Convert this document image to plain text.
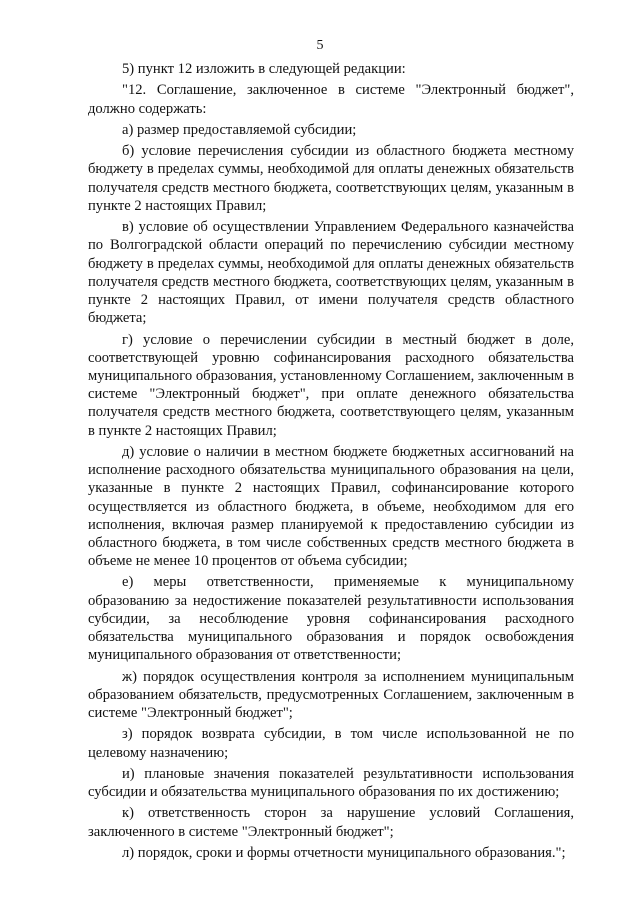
5

5) пункт 12 изложить в следующей редакции:

"12. Соглашение, заключенное в системе "Электронный бюджет", должно содержать:

а) размер предоставляемой субсидии;

б) условие перечисления субсидии из областного бюджета местному бюджету в пределах суммы, необходимой для оплаты денежных обязательств получателя средств местного бюджета, соответствующих целям, указанным в пункте 2 настоящих Правил;

в) условие об осуществлении Управлением Федерального казначейства по Волгоградской области операций по перечислению субсидии местному бюджету в пределах суммы, необходимой для оплаты денежных обязательств получателя средств местного бюджета, соответствующих целям, указанным в пункте 2 настоящих Правил, от имени получателя средств областного бюджета;

г) условие о перечислении субсидии в местный бюджет в доле, соответствующей уровню софинансирования расходного обязательства муниципального образования, установленному Соглашением, заключенным в системе "Электронный бюджет", при оплате денежного обязательства получателя средств местного бюджета, соответствующего целям, указанным в пункте 2 настоящих Правил;

д) условие о наличии в местном бюджете бюджетных ассигнований на исполнение расходного обязательства муниципального образования на цели, указанные в пункте 2 настоящих Правил, софинансирование которого осуществляется из областного бюджета, в объеме, необходимом для его исполнения, включая размер планируемой к предоставлению субсидии из областного бюджета, в том числе собственных средств местного бюджета в объеме не менее 10 процентов от объема субсидии;

е) меры ответственности, применяемые к муниципальному образованию за недостижение показателей результативности использования субсидии, за несоблюдение уровня софинансирования расходного обязательства муниципального образования и порядок освобождения муниципального образования от ответственности;

ж) порядок осуществления контроля за исполнением муниципальным образованием обязательств, предусмотренных Соглашением, заключенным в системе "Электронный бюджет";

з) порядок возврата субсидии, в том числе использованной не по целевому назначению;

и) плановые значения показателей результативности использования субсидии и обязательства муниципального образования по их достижению;

к) ответственность сторон за нарушение условий Соглашения, заключенного в системе "Электронный бюджет";

л) порядок, сроки и формы отчетности муниципального образования.";
